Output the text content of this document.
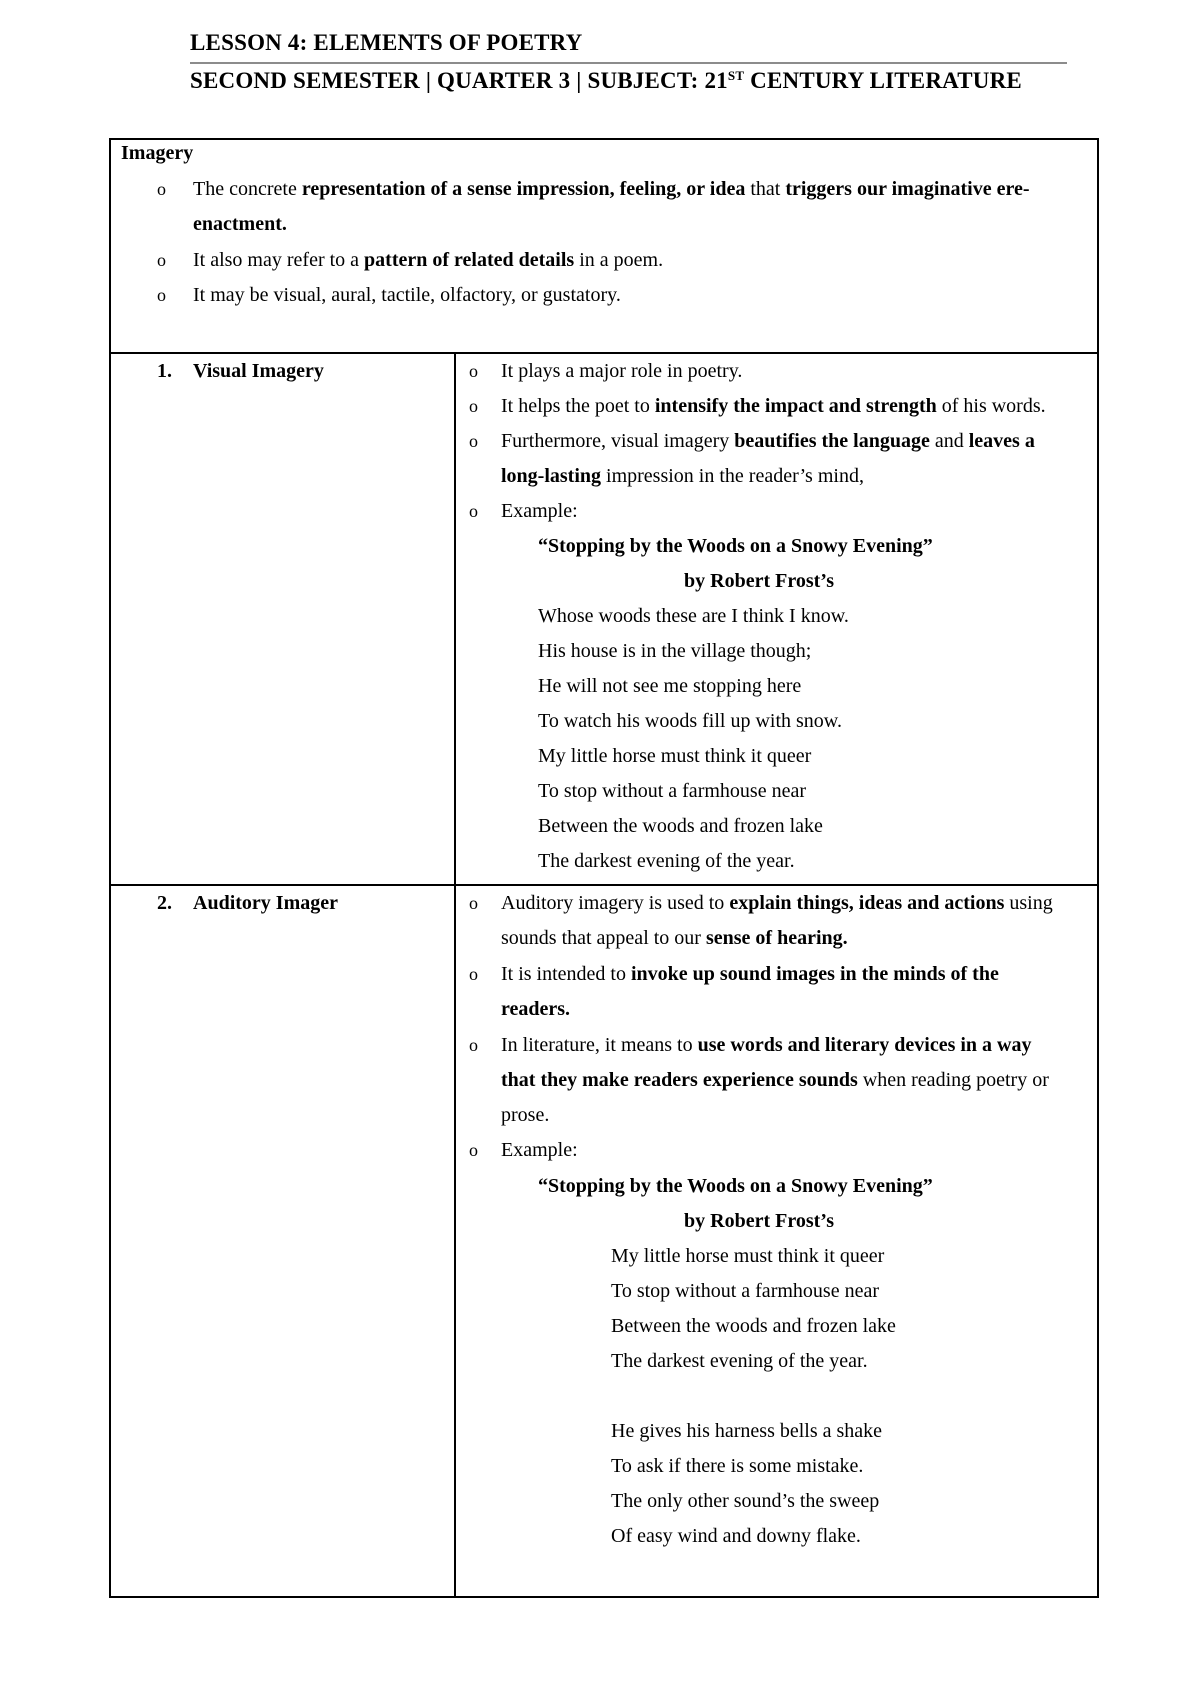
LESSON 4: ELEMENTS OF POETRY
SECOND SEMESTER | QUARTER 3 | SUBJECT: 21ST CENTURY LITERATURE
Imagery
o The concrete representation of a sense impression, feeling, or idea that triggers our imaginative ere-
enactment.
o It also may refer to a pattern of related details in a poem.
o It may be visual, aural, tactile, olfactory, or gustatory.
1. Visual Imagery	o It plays a major role in poetry.
o It helps the poet to intensify the impact and strength of his words.
o Furthermore, visual imagery beautifies the language and leaves a
long-lasting impression in the reader’s mind,
o Example:
“Stopping by the Woods on a Snowy Evening”
by Robert Frost’s
Whose woods these are I think I know.
His house is in the village though;
He will not see me stopping here
To watch his woods fill up with snow.
My little horse must think it queer
To stop without a farmhouse near
Between the woods and frozen lake
The darkest evening of the year.
2. Auditory Imager	o Auditory imagery is used to explain things, ideas and actions using
sounds that appeal to our sense of hearing.
o It is intended to invoke up sound images in the minds of the
readers.
o In literature, it means to use words and literary devices in a way
that they make readers experience sounds when reading poetry or
prose.
o Example:
“Stopping by the Woods on a Snowy Evening”
by Robert Frost’s
My little horse must think it queer
To stop without a farmhouse near
Between the woods and frozen lake
The darkest evening of the year.
He gives his harness bells a shake
To ask if there is some mistake.
The only other sound’s the sweep
Of easy wind and downy flake.
